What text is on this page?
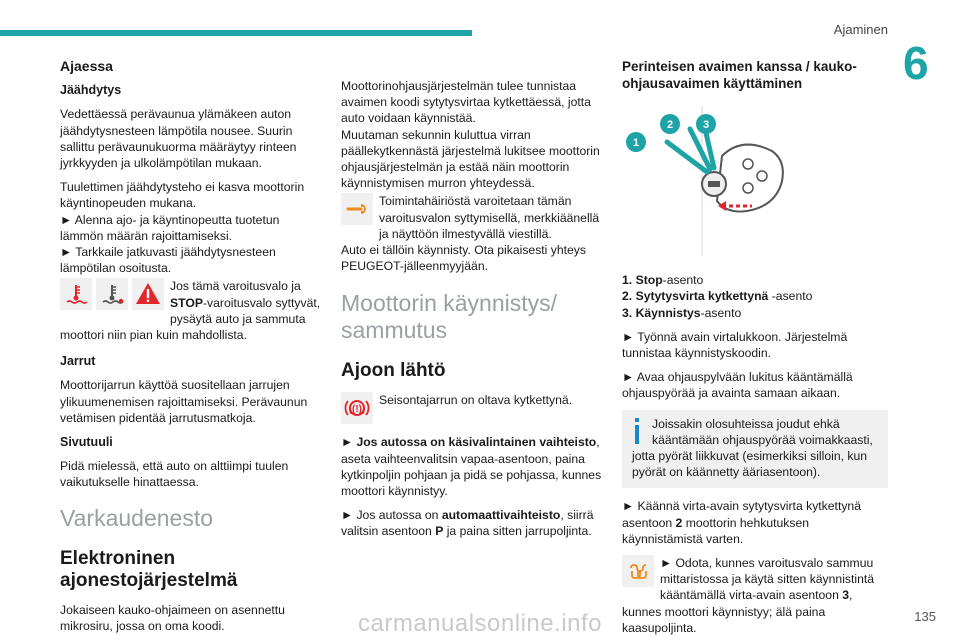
Ajaminen
6
Ajaessa
Jäähdytys

Vedettäessä perävaunua ylämäkeen auton jäähdytysnesteen lämpötila nousee. Suurin sallittu perävaunukuorma määräytyy rinteen jyrkkyyden ja ulkolämpötilan mukaan.

Tuulettimen jäähdytysteho ei kasva moottorin käyntinopeuden mukana.

► Alenna ajo- ja käyntinopeutta tuotetun lämmön määrän rajoittamiseksi.

► Tarkkaile jatkuvasti jäähdytysnesteen lämpötilan osoitusta.

Jos tämä varoitusvalo ja STOP-varoitusvalo syttyvät, pysäytä auto ja sammuta moottori niin pian kuin mahdollista.
Jarrut

Moottorijarrun käyttöä suositellaan jarrujen ylikuumenemisen rajoittamiseksi. Perävaunun vetämisen pidentää jarrutusmatkoja.

Sivutuuli

Pidä mielessä, että auto on alttiimpi tuulen vaikutukselle hinattaessa.

Varkaudenesto
Elektroninen ajonestojärjestelmä

Jokaiseen kauko-ohjaimeen on asennettu mikrosiru, jossa on oma koodi.

Moottorinohjausjärjestelmän tulee tunnistaa avaimen koodi sytytysvirtaa kytkettäessä, jotta auto voidaan käynnistää.

Muutaman sekunnin kuluttua virran päällekytkennästä järjestelmä lukitsee moottorin ohjausjärjestelmän ja estää näin moottorin käynnistymisen murron yhteydessä.

Toimintahäiriöstä varoitetaan tämän varoitusvalon syttymisellä, merkkiäänellä ja näyttöön ilmestyvällä viestillä.

Auto ei tällöin käynnisty. Ota pikaisesti yhteys PEUGEOT-jälleenmyyjään.

Moottorin käynnistys/ sammutus
Ajoon lähtö
((!))
Seisontajarrun on oltava kytkettynä.

► Jos autossa on käsivalintainen vaihteisto, aseta vaihteenvalitsin vapaa-asentoon, paina kytkinpoljin pohjaan ja pidä se pohjassa, kunnes moottori käynnistyy.

► Jos autossa on automaattivaihteisto, siirrä valitsin asentoon P ja paina sitten jarrupoljinta.

Perinteisen avaimen kanssa / kauko-ohjausavaimen käyttäminen
1
2	3
1. Stop-asento
2. Sytytysvirta kytkettynä -asento
3. Käynnistys-asento

► Työnnä avain virtalukkoon. Järjestelmä tunnistaa käynnistyskoodin.

► Avaa ohjauspylvään lukitus kääntämällä ohjauspyörää ja avainta samaan aikaan.

Joissakin olosuhteissa joudut ehkä kääntämään ohjauspyörää voimakkaasti, jotta pyörät liikkuvat (esimerkiksi silloin, kun pyörät on käännetty ääriasentoon).

► Käännä virta-avain sytytysvirta kytkettynä asentoon 2 moottorin hehkutuksen käynnistämistä varten.

► Odota, kunnes varoitusvalo sammuu mittaristossa ja käytä sitten käynnistintä kääntämällä virta-avain asentoon 3, kunnes moottori käynnistyy; älä paina kaasupoljinta.
135
carmanualsonline.info
